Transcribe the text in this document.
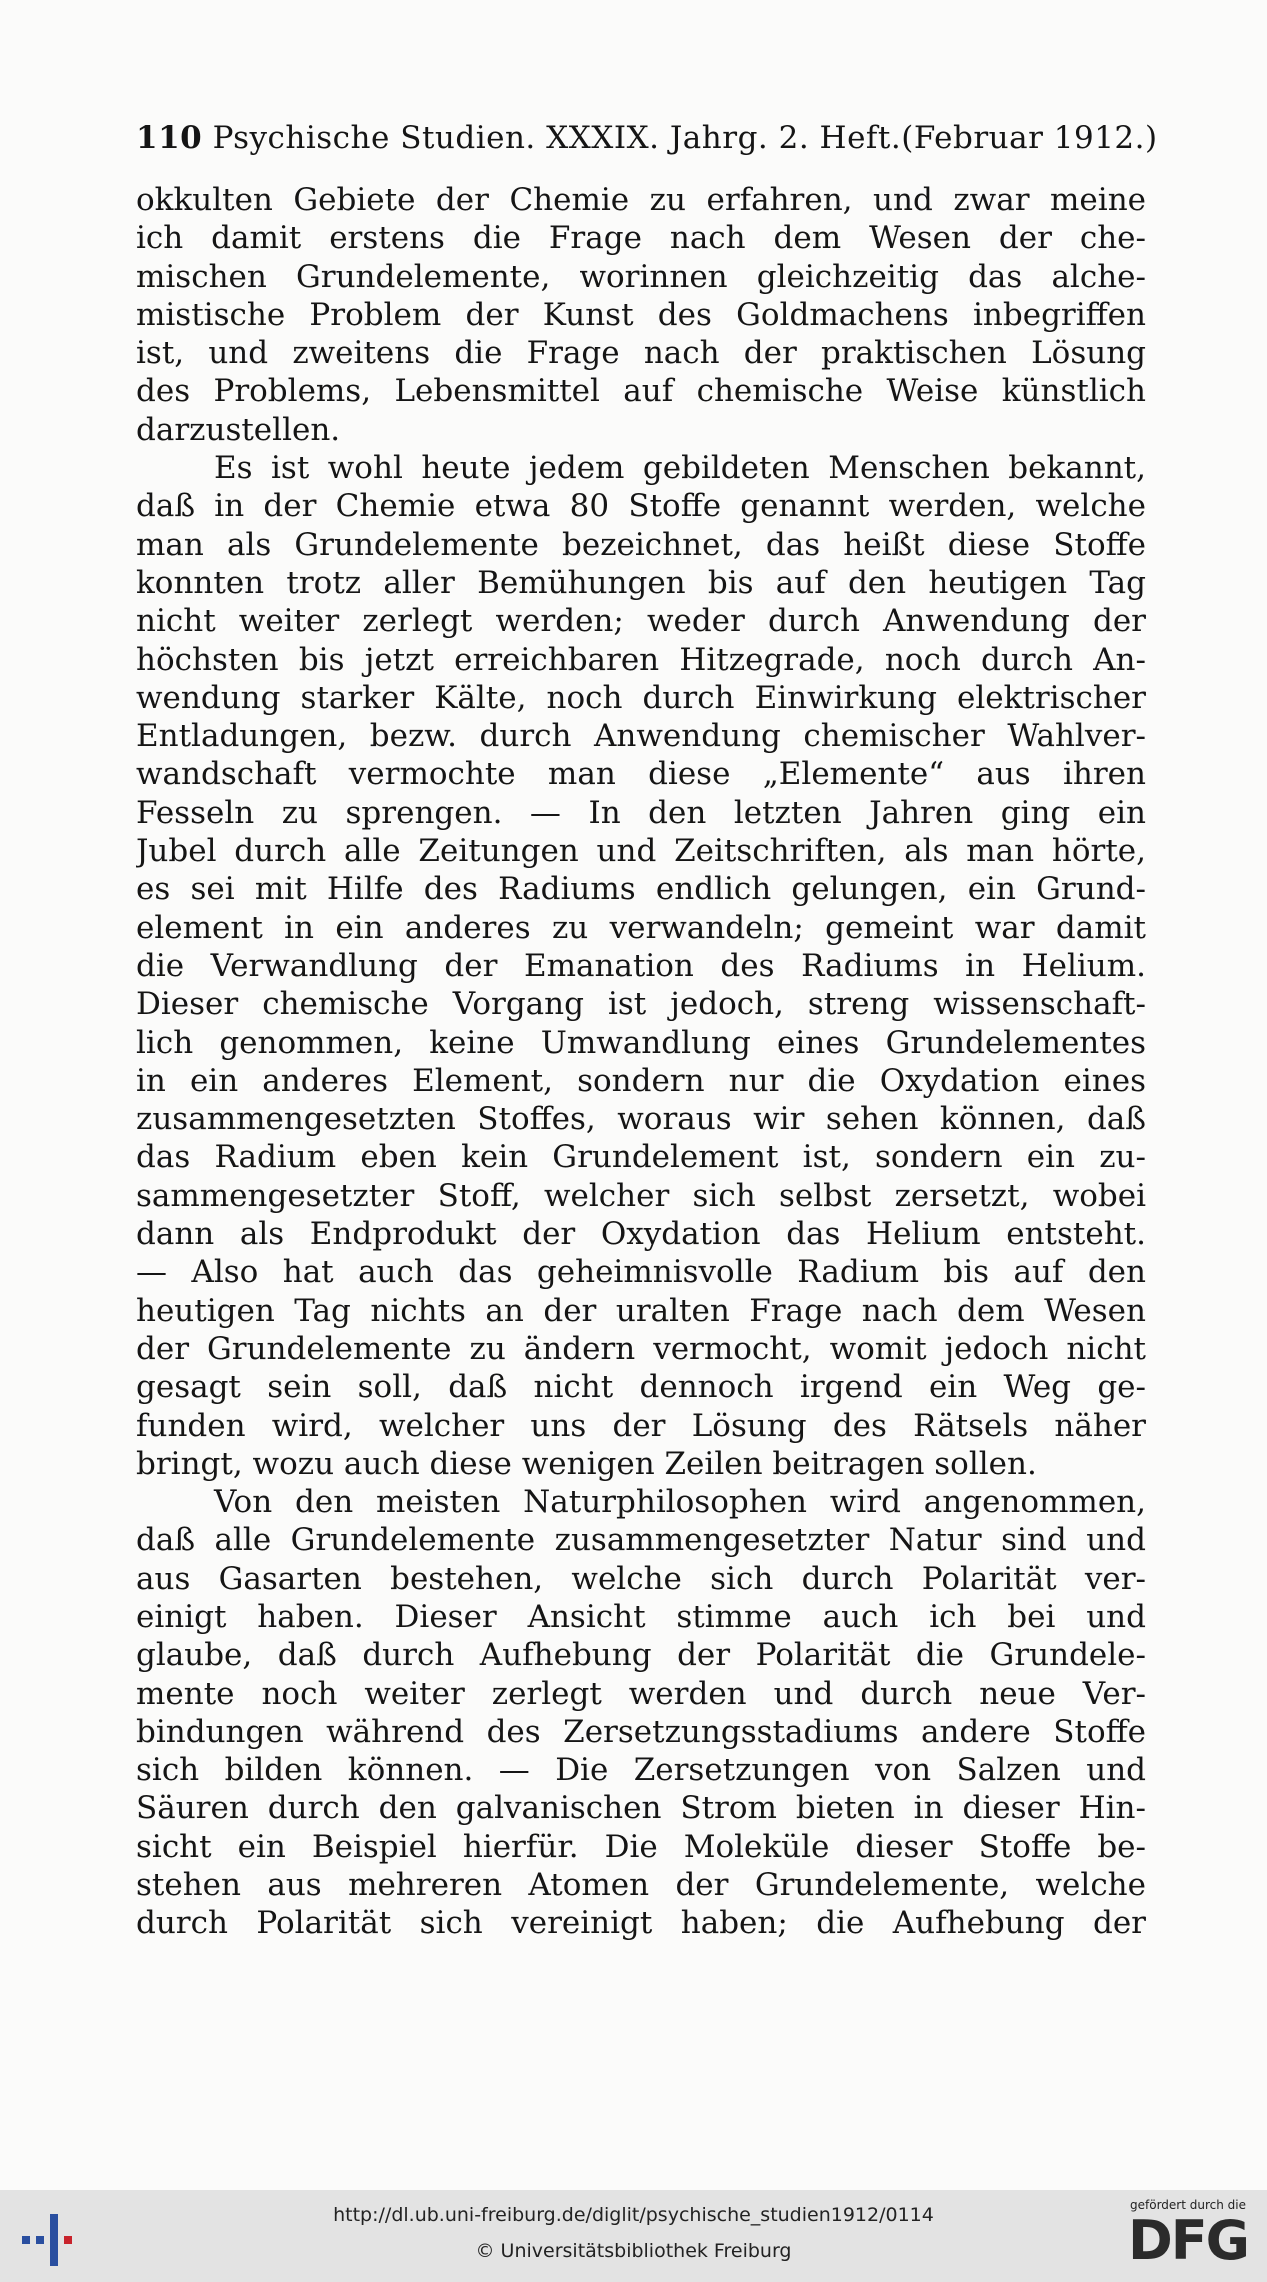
110 Psychische Studien. XXXIX. Jahrg. 2. Heft. (Februar 1912.)
okkulten Gebiete der Chemie zu erfahren, und zwar meine
ich damit erstens die Frage nach dem Wesen der che-
mischen Grundelemente, worinnen gleichzeitig das alche-
mistische Problem der Kunst des Goldmachens inbegriffen
ist, und zweitens die Frage nach der praktischen Lösung
des Problems, Lebensmittel auf chemische Weise künstlich
darzustellen.
Es ist wohl heute jedem gebildeten Menschen bekannt,
daß in der Chemie etwa 80 Stoffe genannt werden, welche
man als Grundelemente bezeichnet, das heißt diese Stoffe
konnten trotz aller Bemühungen bis auf den heutigen Tag
nicht weiter zerlegt werden; weder durch Anwendung der
höchsten bis jetzt erreichbaren Hitzegrade, noch durch An-
wendung starker Kälte, noch durch Einwirkung elektrischer
Entladungen, bezw. durch Anwendung chemischer Wahlver-
wandschaft vermochte man diese „Elemente“ aus ihren
Fesseln zu sprengen. — In den letzten Jahren ging ein
Jubel durch alle Zeitungen und Zeitschriften, als man hörte,
es sei mit Hilfe des Radiums endlich gelungen, ein Grund-
element in ein anderes zu verwandeln; gemeint war damit
die Verwandlung der Emanation des Radiums in Helium.
Dieser chemische Vorgang ist jedoch, streng wissenschaft-
lich genommen, keine Umwandlung eines Grundelementes
in ein anderes Element, sondern nur die Oxydation eines
zusammengesetzten Stoffes, woraus wir sehen können, daß
das Radium eben kein Grundelement ist, sondern ein zu-
sammengesetzter Stoff, welcher sich selbst zersetzt, wobei
dann als Endprodukt der Oxydation das Helium entsteht.
— Also hat auch das geheimnisvolle Radium bis auf den
heutigen Tag nichts an der uralten Frage nach dem Wesen
der Grundelemente zu ändern vermocht, womit jedoch nicht
gesagt sein soll, daß nicht dennoch irgend ein Weg ge-
funden wird, welcher uns der Lösung des Rätsels näher
bringt, wozu auch diese wenigen Zeilen beitragen sollen.
Von den meisten Naturphilosophen wird angenommen,
daß alle Grundelemente zusammengesetzter Natur sind und
aus Gasarten bestehen, welche sich durch Polarität ver-
einigt haben. Dieser Ansicht stimme auch ich bei und
glaube, daß durch Aufhebung der Polarität die Grundele-
mente noch weiter zerlegt werden und durch neue Ver-
bindungen während des Zersetzungsstadiums andere Stoffe
sich bilden können. — Die Zersetzungen von Salzen und
Säuren durch den galvanischen Strom bieten in dieser Hin-
sicht ein Beispiel hierfür. Die Moleküle dieser Stoffe be-
stehen aus mehreren Atomen der Grundelemente, welche
durch Polarität sich vereinigt haben; die Aufhebung der
http://dl.ub.uni-freiburg.de/diglit/psychische_studien1912/0114
© Universitätsbibliothek Freiburg
gefördert durch die
DFG
